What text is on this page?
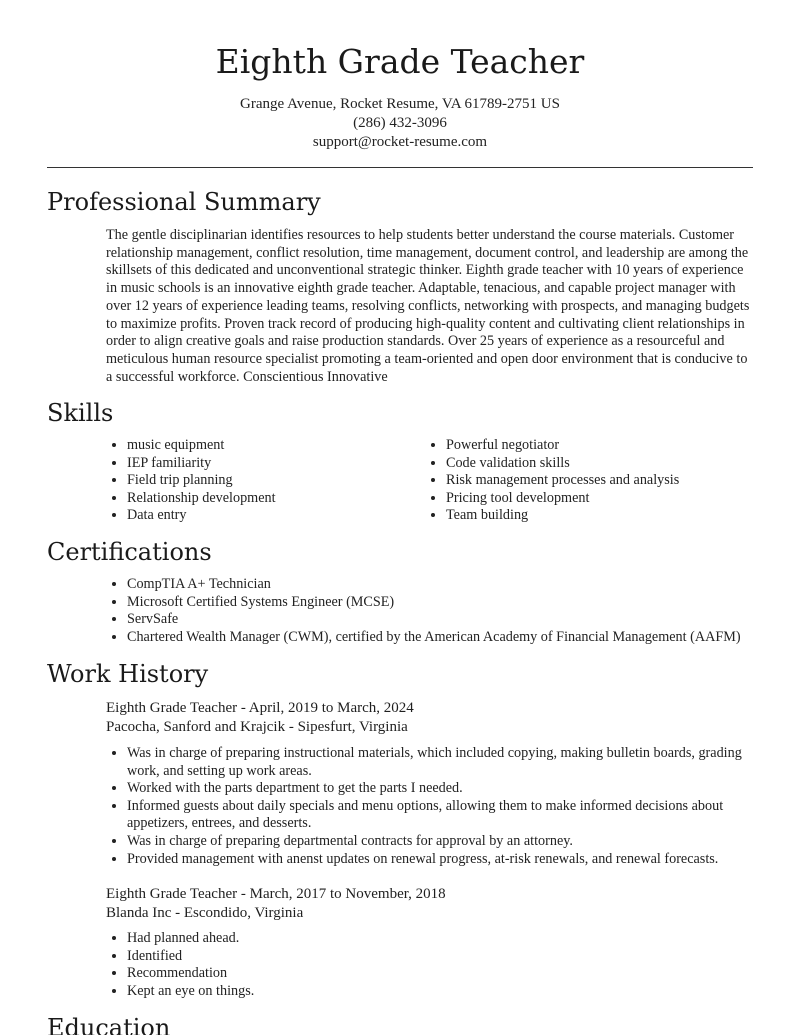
Eighth Grade Teacher
Grange Avenue, Rocket Resume, VA 61789-2751 US
(286) 432-3096
support@rocket-resume.com
Professional Summary

The gentle disciplinarian identifies resources to help students better understand the course materials. Customer relationship management, conflict resolution, time management, document control, and leadership are among the skillsets of this dedicated and unconventional strategic thinker. Eighth grade teacher with 10 years of experience in music schools is an innovative eighth grade teacher. Adaptable, tenacious, and capable project manager with over 12 years of experience leading teams, resolving conflicts, networking with prospects, and managing budgets to maximize profits. Proven track record of producing high-quality content and cultivating client relationships in order to align creative goals and raise production standards. Over 25 years of experience as a resourceful and meticulous human resource specialist promoting a team-oriented and open door environment that is conducive to a successful workforce. Conscientious Innovative

Skills
• music equipment
• IEP familiarity
• Field trip planning
• Relationship development
• Data entry
• Powerful negotiator
• Code validation skills
• Risk management processes and analysis
• Pricing tool development
• Team building
Certifications
• CompTIA A+ Technician
• Microsoft Certified Systems Engineer (MCSE)
• ServSafe
• Chartered Wealth Manager (CWM), certified by the American Academy of Financial Management (AAFM)
Work History
Eighth Grade Teacher - April, 2019 to March, 2024
Pacocha, Sanford and Krajcik - Sipesfurt, Virginia
• Was in charge of preparing instructional materials, which included copying, making bulletin boards, grading work, and setting up work areas.
• Worked with the parts department to get the parts I needed.
• Informed guests about daily specials and menu options, allowing them to make informed decisions about appetizers, entrees, and desserts.
• Was in charge of preparing departmental contracts for approval by an attorney.
• Provided management with anenst updates on renewal progress, at-risk renewals, and renewal forecasts.
Eighth Grade Teacher - March, 2017 to November, 2018
Blanda Inc - Escondido, Virginia
• Had planned ahead.
• Identified
• Recommendation
• Kept an eye on things.
Education
